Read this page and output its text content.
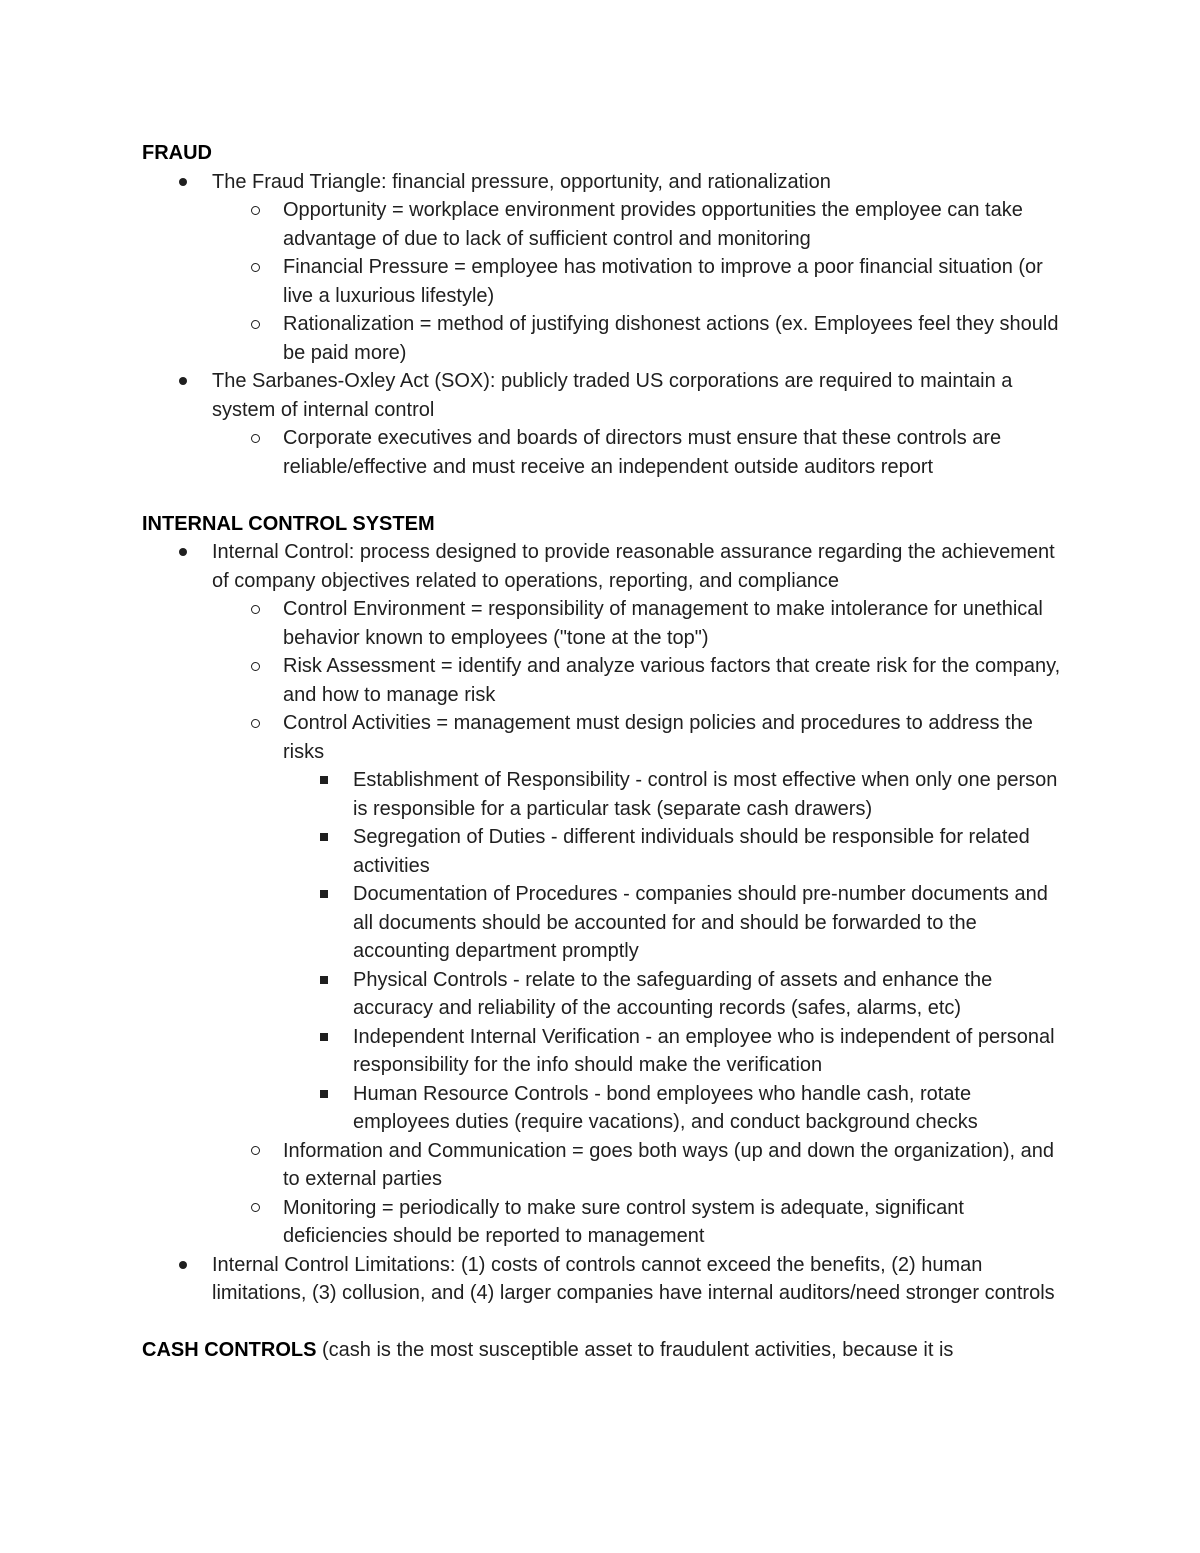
FRAUD

The Fraud Triangle: financial pressure, opportunity, and rationalization
Opportunity = workplace environment provides opportunities the employee can take advantage of due to lack of sufficient control and monitoring
Financial Pressure = employee has motivation to improve a poor financial situation (or live a luxurious lifestyle)
Rationalization = method of justifying dishonest actions (ex. Employees feel they should be paid more)
The Sarbanes-Oxley Act (SOX): publicly traded US corporations are required to maintain a system of internal control
Corporate executives and boards of directors must ensure that these controls are reliable/effective and must receive an independent outside auditors report

INTERNAL CONTROL SYSTEM

Internal Control: process designed to provide reasonable assurance regarding the achievement of company objectives related to operations, reporting, and compliance
Control Environment = responsibility of management to make intolerance for unethical behavior known to employees ("tone at the top")
Risk Assessment = identify and analyze various factors that create risk for the company, and how to manage risk
Control Activities = management must design policies and procedures to address the risks
Establishment of Responsibility - control is most effective when only one person is responsible for a particular task (separate cash drawers)
Segregation of Duties - different individuals should be responsible for related activities
Documentation of Procedures - companies should pre-number documents and all documents should be accounted for and should be forwarded to the accounting department promptly
Physical Controls - relate to the safeguarding of assets and enhance the accuracy and reliability of the accounting records (safes, alarms, etc)
Independent Internal Verification - an employee who is independent of personal responsibility for the info should make the verification
Human Resource Controls - bond employees who handle cash, rotate employees duties (require vacations), and conduct background checks
Information and Communication = goes both ways (up and down the organization), and to external parties
Monitoring = periodically to make sure control system is adequate, significant deficiencies should be reported to management
Internal Control Limitations: (1) costs of controls cannot exceed the benefits, (2) human limitations, (3) collusion, and (4) larger companies have internal auditors/need stronger controls

CASH CONTROLS (cash is the most susceptible asset to fraudulent activities, because it is
